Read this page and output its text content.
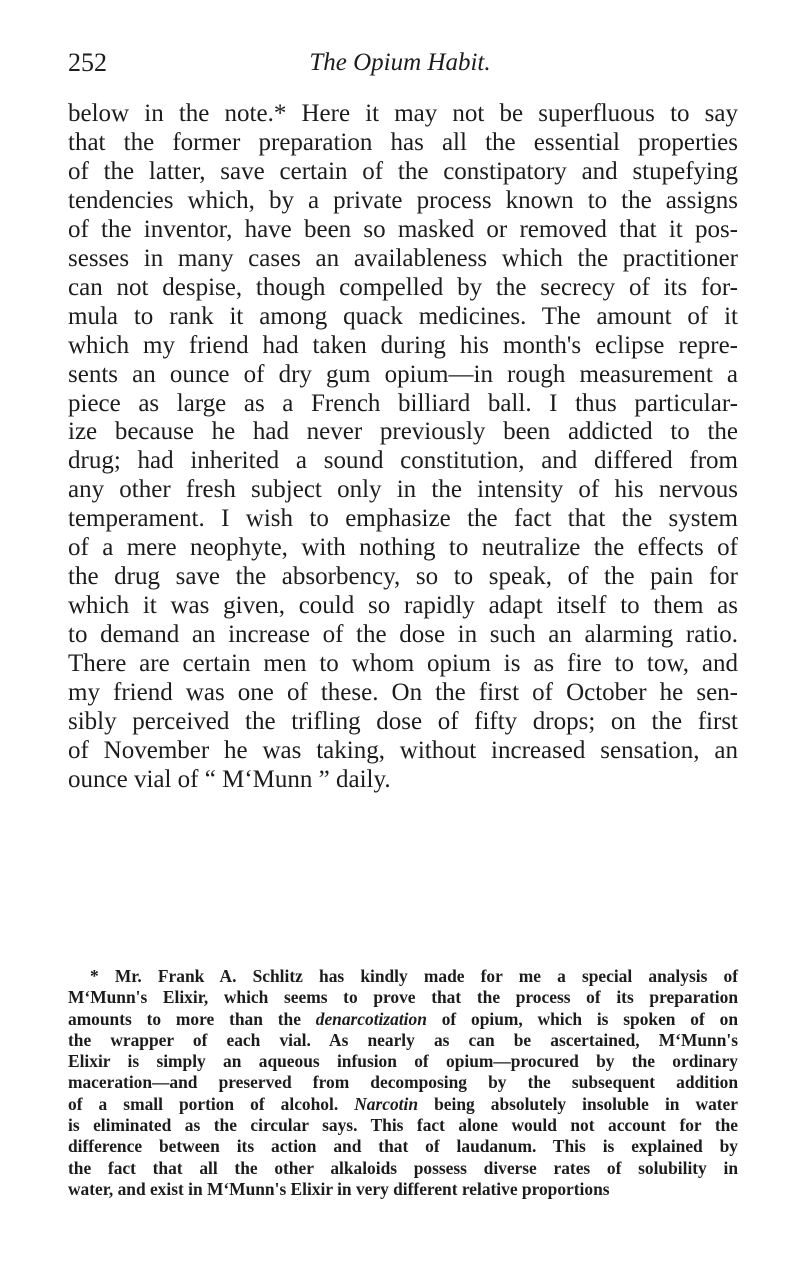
252	The Opium Habit.
below in the note.* Here it may not be superfluous to say
that the former preparation has all the essential properties
of the latter, save certain of the constipatory and stupefying
tendencies which, by a private process known to the assigns
of the inventor, have been so masked or removed that it pos-
sesses in many cases an availableness which the practitioner
can not despise, though compelled by the secrecy of its for-
mula to rank it among quack medicines. The amount of it
which my friend had taken during his month's eclipse repre-
sents an ounce of dry gum opium—in rough measurement a
piece as large as a French billiard ball. I thus particular-
ize because he had never previously been addicted to the
drug; had inherited a sound constitution, and differed from
any other fresh subject only in the intensity of his nervous
temperament. I wish to emphasize the fact that the system
of a mere neophyte, with nothing to neutralize the effects of
the drug save the absorbency, so to speak, of the pain for
which it was given, could so rapidly adapt itself to them as
to demand an increase of the dose in such an alarming ratio.
There are certain men to whom opium is as fire to tow, and
my friend was one of these. On the first of October he sen-
sibly perceived the trifling dose of fifty drops; on the first
of November he was taking, without increased sensation, an
ounce vial of “ M‘Munn ” daily.
* Mr. Frank A. Schlitz has kindly made for me a special analysis of
M‘Munn's Elixir, which seems to prove that the process of its preparation
amounts to more than the denarcotization of opium, which is spoken of on
the wrapper of each vial. As nearly as can be ascertained, M‘Munn's
Elixir is simply an aqueous infusion of opium—procured by the ordinary
maceration—and preserved from decomposing by the subsequent addition
of a small portion of alcohol. Narcotin being absolutely insoluble in water
is eliminated as the circular says. This fact alone would not account for the
difference between its action and that of laudanum. This is explained by
the fact that all the other alkaloids possess diverse rates of solubility in
water, and exist in M‘Munn's Elixir in very different relative proportions
